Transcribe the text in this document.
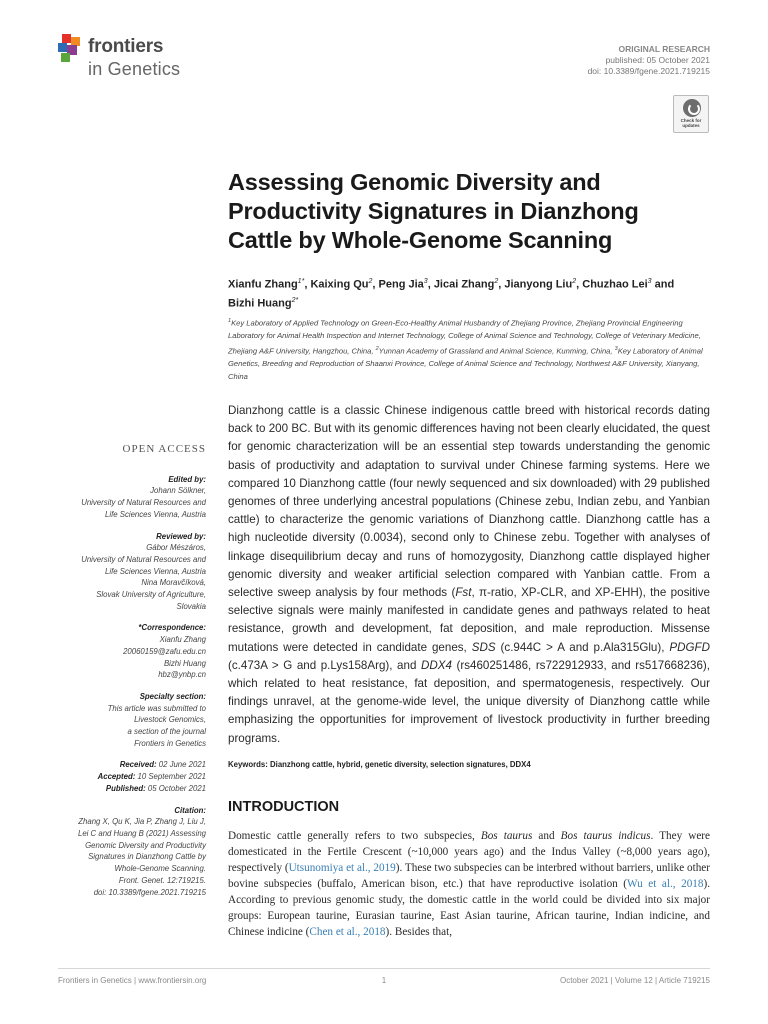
frontiers
in Genetics
ORIGINAL RESEARCH
published: 05 October 2021
doi: 10.3389/fgene.2021.719215
Check for updates
Assessing Genomic Diversity and Productivity Signatures in Dianzhong Cattle by Whole-Genome Scanning
Xianfu Zhang$^{1*}$, Kaixing Qu$^2$, Peng Jia$^3$, Jicai Zhang$^2$, Jianyong Liu$^2$, Chuzhao Lei$^3$ and
Bizhi Huang$^{2*}$
$^1$Key Laboratory of Applied Technology on Green-Eco-Healthy Animal Husbandry of Zhejiang Province, Zhejiang Provincial Engineering Laboratory for Animal Health Inspection and Internet Technology, College of Animal Science and Technology, College of Veterinary Medicine, Zhejiang A&F University, Hangzhou, China, $^2$Yunnan Academy of Grassland and Animal Science, Kunming, China, $^3$Key Laboratory of Animal Genetics, Breeding and Reproduction of Shaanxi Province, College of Animal Science and Technology, Northwest A&F University, Xianyang, China
Dianzhong cattle is a classic Chinese indigenous cattle breed with historical records dating back to 200 BC. But with its genomic differences having not been clearly elucidated, the quest for genomic characterization will be an essential step towards understanding the genomic basis of productivity and adaptation to survival under Chinese farming systems. Here we compared 10 Dianzhong cattle (four newly sequenced and six downloaded) with 29 published genomes of three underlying ancestral populations (Chinese zebu, Indian zebu, and Yanbian cattle) to characterize the genomic variations of Dianzhong cattle. Dianzhong cattle has a high nucleotide diversity (0.0034), second only to Chinese zebu. Together with analyses of linkage disequilibrium decay and runs of homozygosity, Dianzhong cattle displayed higher genomic diversity and weaker artificial selection compared with Yanbian cattle. From a selective sweep analysis by four methods (Fst, π-ratio, XP-CLR, and XP-EHH), the positive selective signals were mainly manifested in candidate genes and pathways related to heat resistance, growth and development, fat deposition, and male reproduction. Missense mutations were detected in candidate genes, SDS (c.944C > A and p.Ala315Glu), PDGFD (c.473A > G and p.Lys158Arg), and DDX4 (rs460251486, rs722912933, and rs517668236), which related to heat resistance, fat deposition, and spermatogenesis, respectively. Our findings unravel, at the genome-wide level, the unique diversity of Dianzhong cattle while emphasizing the opportunities for improvement of livestock productivity in further breeding programs.
Keywords: Dianzhong cattle, hybrid, genetic diversity, selection signatures, DDX4
OPEN ACCESS
Edited by:
Johann Sölkner,
University of Natural Resources and
Life Sciences Vienna, Austria
Reviewed by:
Gábor Mészáros,
University of Natural Resources and
Life Sciences Vienna, Austria
Nina Moravčíková,
Slovak University of Agriculture,
Slovakia
*Correspondence:
Xianfu Zhang
20060159@zafu.edu.cn
Bizhi Huang
hbz@ynbp.cn
Specialty section:
This article was submitted to
Livestock Genomics,
a section of the journal
Frontiers in Genetics
Received: 02 June 2021
Accepted: 10 September 2021
Published: 05 October 2021
Citation:
Zhang X, Qu K, Jia P, Zhang J, Liu J,
Lei C and Huang B (2021) Assessing
Genomic Diversity and Productivity
Signatures in Dianzhong Cattle by
Whole-Genome Scanning.
Front. Genet. 12:719215.
doi: 10.3389/fgene.2021.719215
INTRODUCTION
Domestic cattle generally refers to two subspecies, Bos taurus and Bos taurus indicus. They were domesticated in the Fertile Crescent (~10,000 years ago) and the Indus Valley (~8,000 years ago), respectively (Utsunomiya et al., 2019). These two subspecies can be interbred without barriers, unlike other bovine subspecies (buffalo, American bison, etc.) that have reproductive isolation (Wu et al., 2018). According to previous genomic study, the domestic cattle in the world could be divided into six major groups: European taurine, Eurasian taurine, East Asian taurine, African taurine, Indian indicine, and Chinese indicine (Chen et al., 2018). Besides that,
Frontiers in Genetics | www.frontiersin.org	1	October 2021 | Volume 12 | Article 719215
